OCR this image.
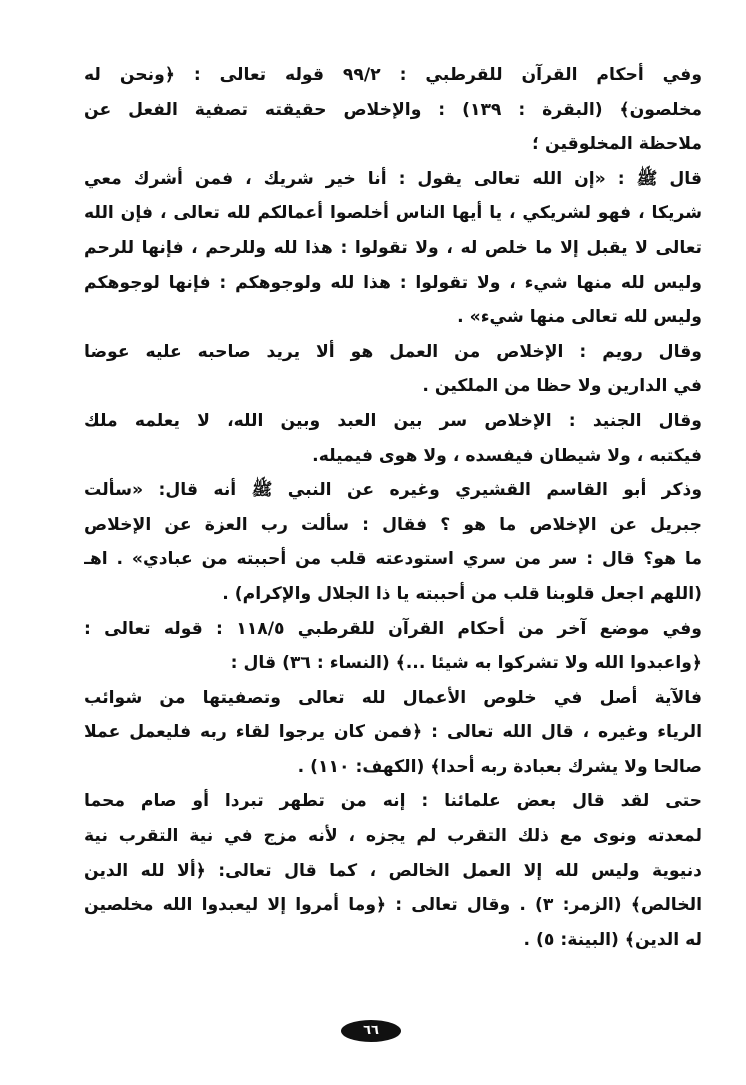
وفي أحكام القرآن للقرطبي : ٩٩/٢ قوله تعالى : ﴿ونحن له
مخلصون﴾ (البقرة : ١٣٩) : والإخلاص حقيقته تصفية الفعل عن
ملاحظة المخلوقين ؛
قال ﷺ : «إن الله تعالى يقول : أنا خير شريك ، فمن أشرك معي
شريكا ، فهو لشريكي ، يا أيها الناس أخلصوا أعمالكم لله تعالى ، فإن الله
تعالى لا يقبل إلا ما خلص له ، ولا تقولوا : هذا لله وللرحم ، فإنها للرحم
وليس لله منها شيء ، ولا تقولوا : هذا لله ولوجوهكم : فإنها لوجوهكم
وليس لله تعالى منها شيء» .
وقال رويم : الإخلاص من العمل هو ألا يريد صاحبه عليه عوضا
في الدارين ولا حظا من الملكين .
وقال الجنيد : الإخلاص سر بين العبد وبين الله، لا يعلمه ملك
فيكتبه ، ولا شيطان فيفسده ، ولا هوى فيميله.
وذكر أبو القاسم القشيري وغيره عن النبي ﷺ أنه قال: «سألت
جبريل عن الإخلاص ما هو ؟ فقال : سألت رب العزة عن الإخلاص
ما هو؟ قال : سر من سري استودعته قلب من أحببته من عبادي» . اهـ
(اللهم اجعل قلوبنا قلب من أحببته يا ذا الجلال والإكرام) .
وفي موضع آخر من أحكام القرآن للقرطبي ١١٨/٥ : قوله تعالى :
﴿واعبدوا الله ولا تشركوا به شيئا ...﴾ (النساء : ٣٦) قال :
فالآية أصل في خلوص الأعمال لله تعالى وتصفيتها من شوائب
الرياء وغيره ، قال الله تعالى : ﴿فمن كان يرجوا لقاء ربه فليعمل عملا
صالحا ولا يشرك بعبادة ربه أحدا﴾ (الكهف: ١١٠) .
حتى لقد قال بعض علمائنا : إنه من تطهر تبردا أو صام محما
لمعدته ونوى مع ذلك التقرب لم يجزه ، لأنه مزج في نية التقرب نية
دنيوية وليس لله إلا العمل الخالص ، كما قال تعالى: ﴿ألا لله الدين
الخالص﴾ (الزمر: ٣) . وقال تعالى : ﴿وما أمروا إلا ليعبدوا الله مخلصين
له الدين﴾ (البينة: ٥) .
٦٦
